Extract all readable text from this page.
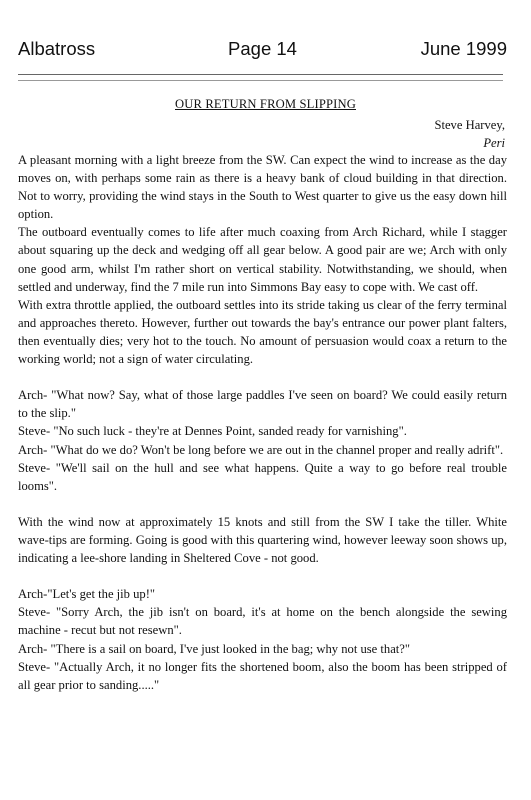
Albatross	Page 14	June 1999
OUR RETURN FROM SLIPPING
Steve Harvey,
Peri

A pleasant morning with a light breeze from the SW. Can expect the wind to increase as the day moves on, with perhaps some rain as there is a heavy bank of cloud building in that direction. Not to worry, providing the wind stays in the South to West quarter to give us the easy down hill option.

The outboard eventually comes to life after much coaxing from Arch Richard, while I stagger about squaring up the deck and wedging off all gear below. A good pair are we; Arch with only one good arm, whilst I'm rather short on vertical stability. Notwithstanding, we should, when settled and underway, find the 7 mile run into Simmons Bay easy to cope with. We cast off.

With extra throttle applied, the outboard settles into its stride taking us clear of the ferry terminal and approaches thereto. However, further out towards the bay's entrance our power plant falters, then eventually dies; very hot to the touch. No amount of persuasion would coax a return to the working world; not a sign of water circulating.

Arch- "What now? Say, what of those large paddles I've seen on board? We could easily return to the slip."

Steve- "No such luck - they're at Dennes Point, sanded ready for varnishing".

Arch- "What do we do? Won't be long before we are out in the channel proper and really adrift".

Steve- "We'll sail on the hull and see what happens. Quite a way to go before real trouble looms".

With the wind now at approximately 15 knots and still from the SW I take the tiller. White wave-tips are forming. Going is good with this quartering wind, however leeway soon shows up, indicating a lee-shore landing in Sheltered Cove - not good.

Arch-"Let's get the jib up!"

Steve- "Sorry Arch, the jib isn't on board, it's at home on the bench alongside the sewing machine - recut but not resewn".

Arch- "There is a sail on board, I've just looked in the bag; why not use that?"

Steve- "Actually Arch, it no longer fits the shortened boom, also the boom has been stripped of all gear prior to sanding....."
